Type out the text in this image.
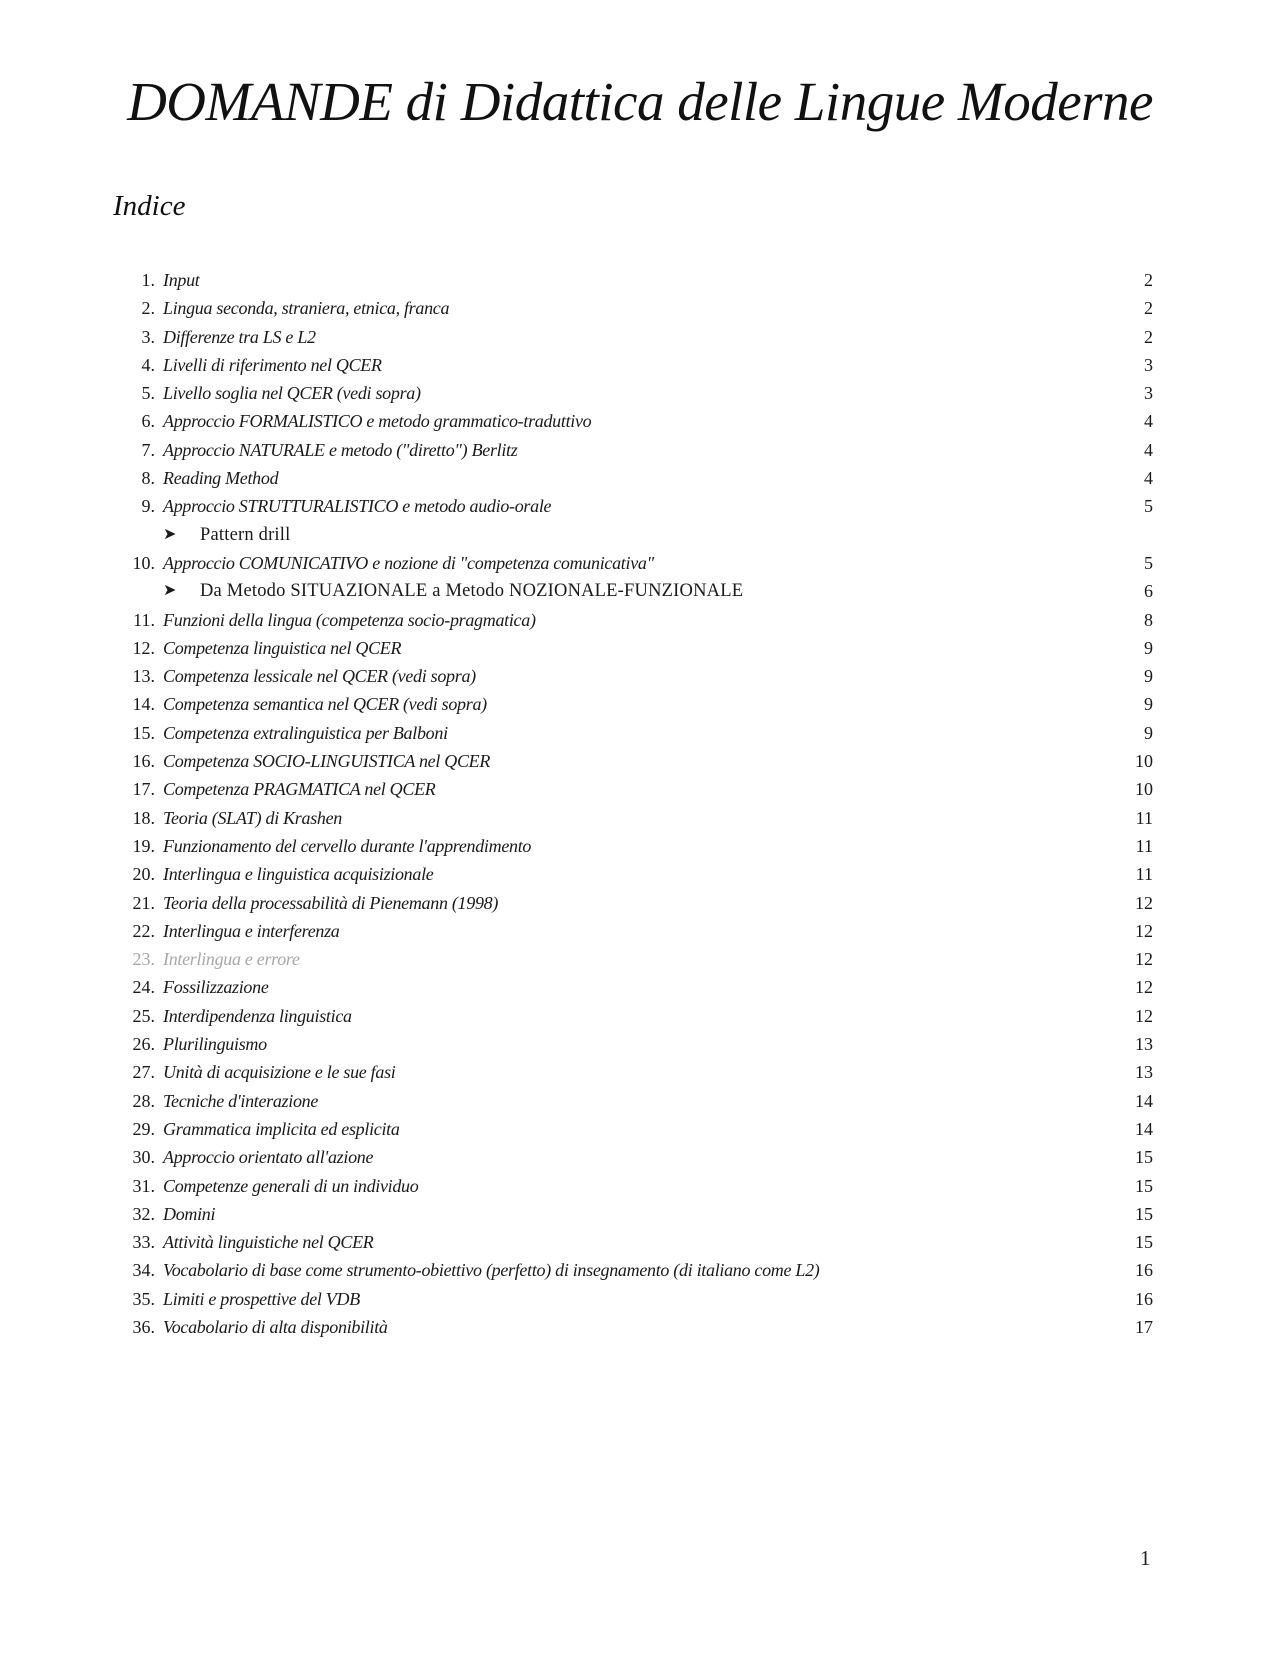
DOMANDE di Didattica delle Lingue Moderne
Indice
1. Input	2
2. Lingua seconda, straniera, etnica, franca	2
3. Differenze tra LS e L2	2
4. Livelli di riferimento nel QCER	3
5. Livello soglia nel QCER (vedi sopra)	3
6. Approccio FORMALISTICO e metodo grammatico-traduttivo	4
7. Approccio NATURALE e metodo ("diretto") Berlitz	4
8. Reading Method	4
9. Approccio STRUTTURALISTICO e metodo audio-orale	5
➤ Pattern drill
10. Approccio COMUNICATIVO e nozione di "competenza comunicativa"	5
➤ Da Metodo SITUAZIONALE a Metodo NOZIONALE-FUNZIONALE	6
11. Funzioni della lingua (competenza socio-pragmatica)	8
12. Competenza linguistica nel QCER	9
13. Competenza lessicale nel QCER (vedi sopra)	9
14. Competenza semantica nel QCER (vedi sopra)	9
15. Competenza extralinguistica per Balboni	9
16. Competenza SOCIO-LINGUISTICA nel QCER	10
17. Competenza PRAGMATICA nel QCER	10
18. Teoria (SLAT) di Krashen	11
19. Funzionamento del cervello durante l'apprendimento	11
20. Interlingua e linguistica acquisizionale	11
21. Teoria della processabilità di Pienemann (1998)	12
22. Interlingua e interferenza	12
23. Interlingua e errore	12
24. Fossilizzazione	12
25. Interdipendenza linguistica	12
26. Plurilinguismo	13
27. Unità di acquisizione e le sue fasi	13
28. Tecniche d'interazione	14
29. Grammatica implicita ed esplicita	14
30. Approccio orientato all'azione	15
31. Competenze generali di un individuo	15
32. Domini	15
33. Attività linguistiche nel QCER	15
34. Vocabolario di base come strumento-obiettivo (perfetto) di insegnamento (di italiano come L2)	16
35. Limiti e prospettive del VDB	16
36. Vocabolario di alta disponibilità	17
1
